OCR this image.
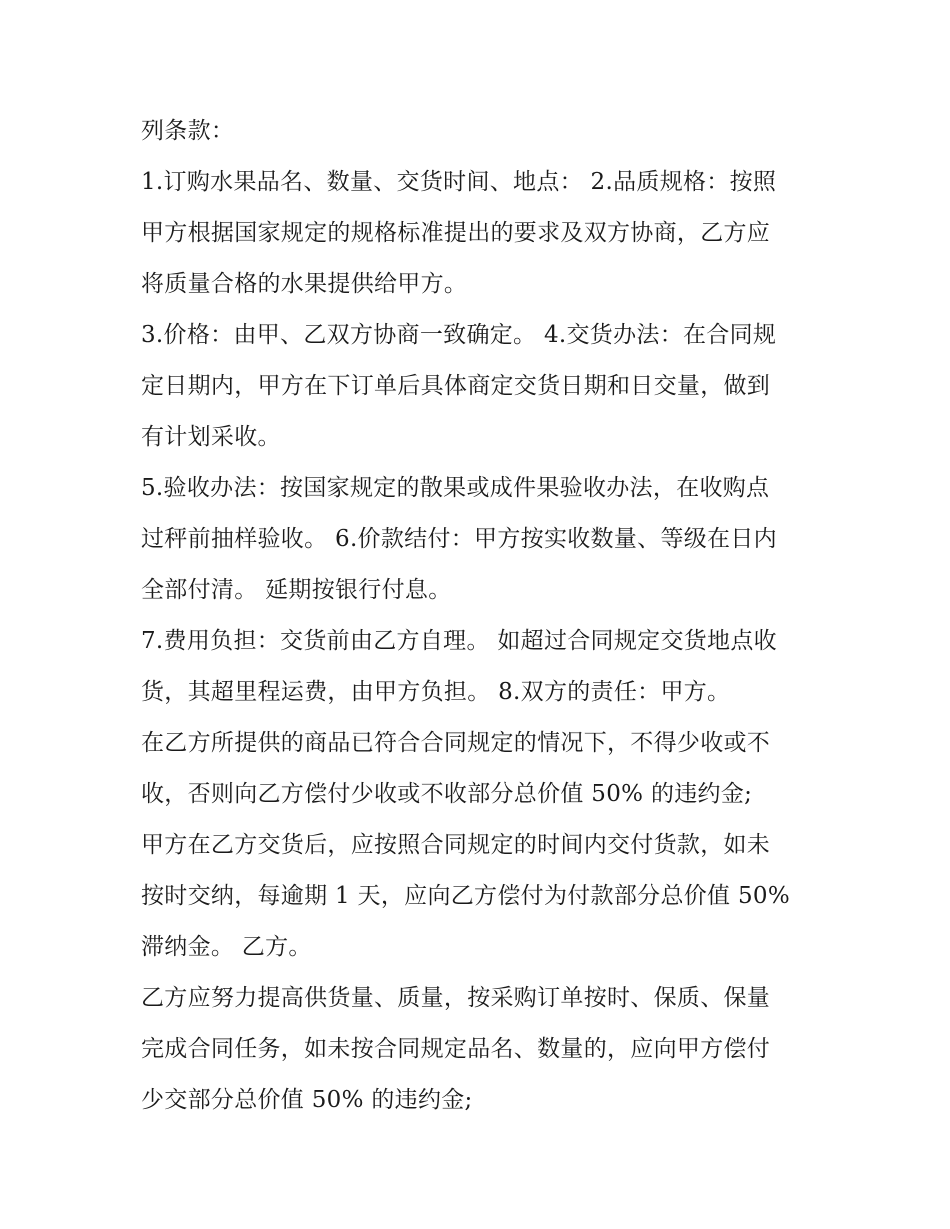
列条款：
1.订购水果品名、数量、交货时间、地点： 2.品质规格：按照
甲方根据国家规定的规格标准提出的要求及双方协商，乙方应
将质量合格的水果提供给甲方。
3.价格：由甲、乙双方协商一致确定。 4.交货办法：在合同规
定日期内，甲方在下订单后具体商定交货日期和日交量，做到
有计划采收。
5.验收办法：按国家规定的散果或成件果验收办法，在收购点
过秤前抽样验收。 6.价款结付：甲方按实收数量、等级在日内
全部付清。 延期按银行付息。
7.费用负担：交货前由乙方自理。 如超过合同规定交货地点收
货，其超里程运费，由甲方负担。 8.双方的责任：甲方。
在乙方所提供的商品已符合合同规定的情况下，不得少收或不
收，否则向乙方偿付少收或不收部分总价值 50% 的违约金;
甲方在乙方交货后，应按照合同规定的时间内交付货款，如未
按时交纳，每逾期 1 天，应向乙方偿付为付款部分总价值 50%
滞纳金。 乙方。
乙方应努力提高供货量、质量，按采购订单按时、保质、保量
完成合同任务，如未按合同规定品名、数量的，应向甲方偿付
少交部分总价值 50% 的违约金;
